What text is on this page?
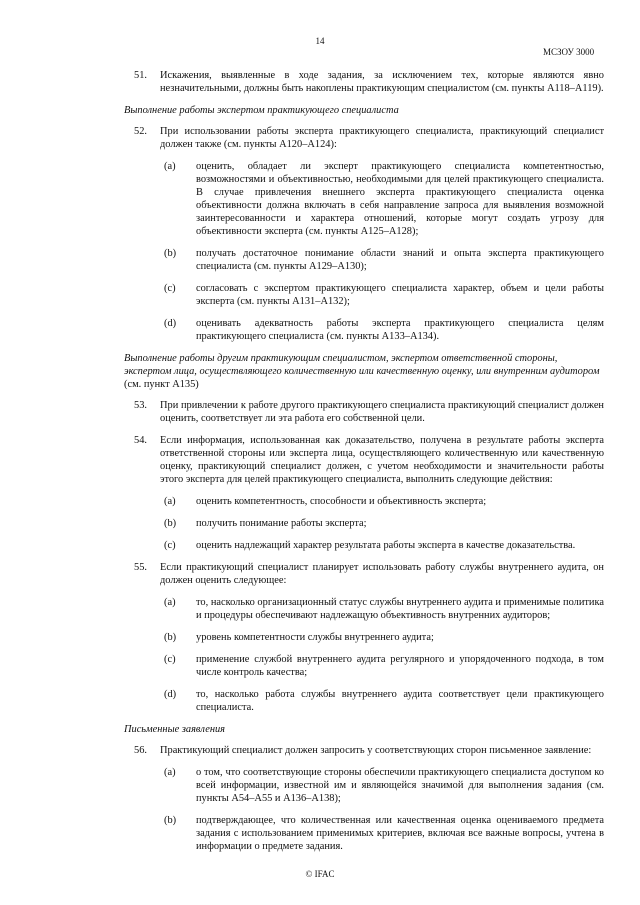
14
МСЗОУ 3000
51. Искажения, выявленные в ходе задания, за исключением тех, которые являются явно незначительными, должны быть накоплены практикующим специалистом (см. пункты A118–A119).
Выполнение работы экспертом практикующего специалиста
52. При использовании работы эксперта практикующего специалиста, практикующий специалист должен также (см. пункты A120–A124):
(a) оценить, обладает ли эксперт практикующего специалиста компетентностью, возможностями и объективностью, необходимыми для целей практикующего специалиста. В случае привлечения внешнего эксперта практикующего специалиста оценка объективности должна включать в себя направление запроса для выявления возможной заинтересованности и характера отношений, которые могут создать угрозу для объективности эксперта (см. пункты A125–A128);
(b) получать достаточное понимание области знаний и опыта эксперта практикующего специалиста (см. пункты A129–A130);
(c) согласовать с экспертом практикующего специалиста характер, объем и цели работы эксперта (см. пункты A131–A132);
(d) оценивать адекватность работы эксперта практикующего специалиста целям практикующего специалиста (см. пункты A133–A134).
Выполнение работы другим практикующим специалистом, экспертом ответственной стороны, экспертом лица, осуществляющего количественную или качественную оценку, или внутренним аудитором (см. пункт A135)
53. При привлечении к работе другого практикующего специалиста практикующий специалист должен оценить, соответствует ли эта работа его собственной цели.
54. Если информация, использованная как доказательство, получена в результате работы эксперта ответственной стороны или эксперта лица, осуществляющего количественную или качественную оценку, практикующий специалист должен, с учетом необходимости и значительности работы этого эксперта для целей практикующего специалиста, выполнить следующие действия:
(a) оценить компетентность, способности и объективность эксперта;
(b) получить понимание работы эксперта;
(c) оценить надлежащий характер результата работы эксперта в качестве доказательства.
55. Если практикующий специалист планирует использовать работу службы внутреннего аудита, он должен оценить следующее:
(a) то, насколько организационный статус службы внутреннего аудита и применимые политика и процедуры обеспечивают надлежащую объективность внутренних аудиторов;
(b) уровень компетентности службы внутреннего аудита;
(c) применение службой внутреннего аудита регулярного и упорядоченного подхода, в том числе контроль качества;
(d) то, насколько работа службы внутреннего аудита соответствует цели практикующего специалиста.
Письменные заявления
56. Практикующий специалист должен запросить у соответствующих сторон письменное заявление:
(a) о том, что соответствующие стороны обеспечили практикующего специалиста доступом ко всей информации, известной им и являющейся значимой для выполнения задания (см. пункты A54–A55 и A136–A138);
(b) подтверждающее, что количественная или качественная оценка оцениваемого предмета задания с использованием применимых критериев, включая все важные вопросы, учтена в информации о предмете задания.
© IFAC
